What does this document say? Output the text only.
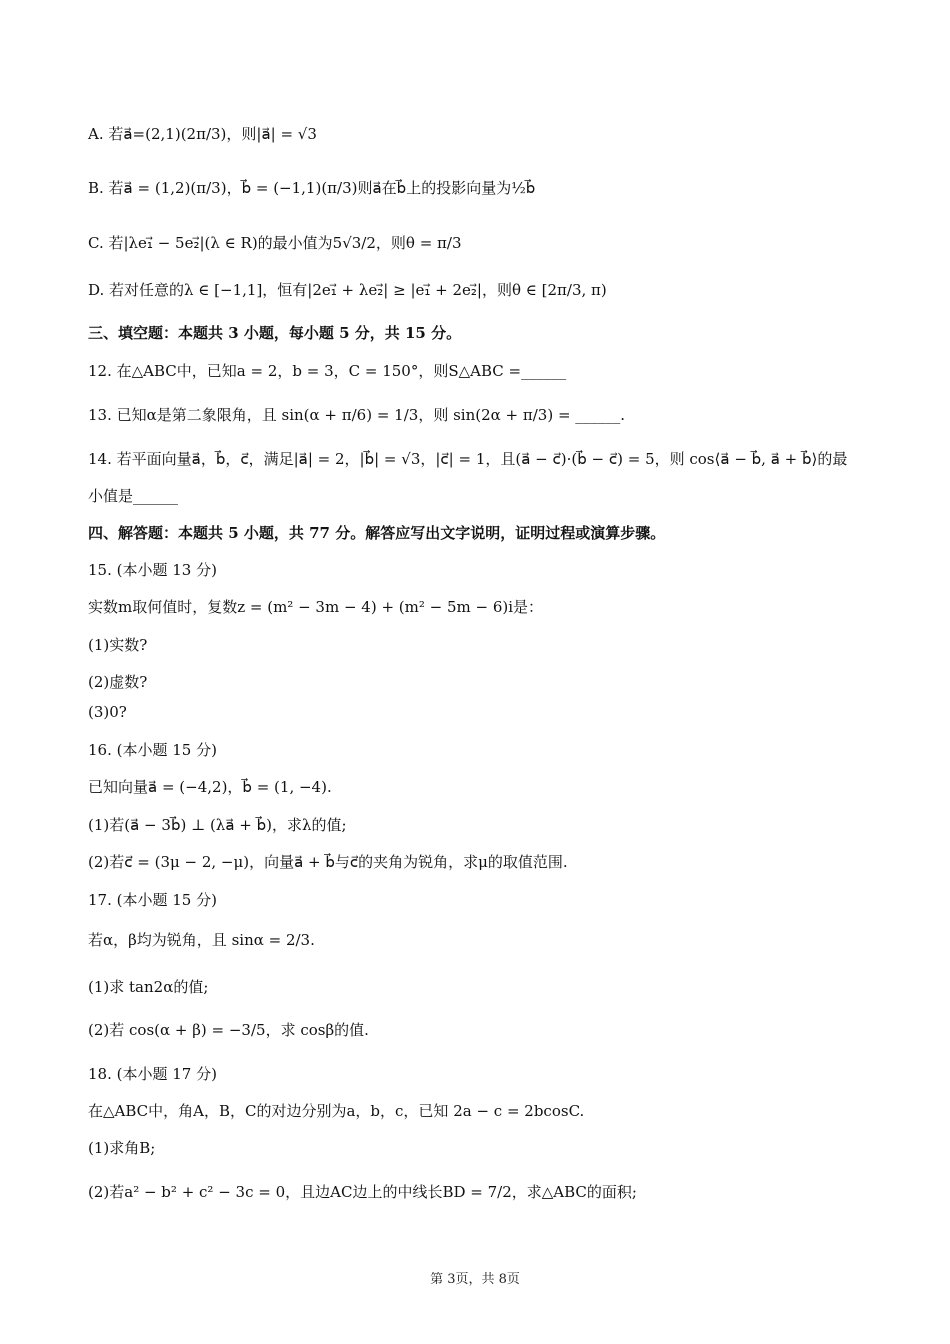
A. 若a⃗=(2,1)(2π/3)，则|a⃗| = √3
B. 若a⃗ = (1,2)(π/3)，b⃗ = (−1,1)(π/3)则a⃗在b⃗上的投影向量为½b⃗
C. 若|λe₁⃗ − 5e₂⃗|(λ ∈ R)的最小值为5√3/2，则θ = π/3
D. 若对任意的λ ∈ [−1,1]，恒有|2e₁⃗ + λe₂⃗| ≥ |e₁⃗ + 2e₂⃗|，则θ ∈ [2π/3, π)
三、填空题：本题共 3 小题，每小题 5 分，共 15 分。
12. 在△ABC中，已知a = 2，b = 3，C = 150°，则S△ABC =______
13. 已知α是第二象限角，且 sin(α + π/6) = 1/3，则 sin(2α + π/3) = ______.
14. 若平面向量a⃗，b⃗，c⃗，满足|a⃗| = 2，|b⃗| = √3，|c⃗| = 1，且(a⃗ − c⃗)·(b⃗ − c⃗) = 5，则 cos⟨a⃗ − b⃗, a⃗ + b⃗⟩的最
小值是______
四、解答题：本题共 5 小题，共 77 分。解答应写出文字说明，证明过程或演算步骤。
15. (本小题 13 分)
实数m取何值时，复数z = (m² − 3m − 4) + (m² − 5m − 6)i是：
(1)实数?
(2)虚数?
(3)0?
16. (本小题 15 分)
已知向量a⃗ = (−4,2)，b⃗ = (1, −4).
(1)若(a⃗ − 3b⃗) ⊥ (λa⃗ + b⃗)，求λ的值;
(2)若c⃗ = (3μ − 2, −μ)，向量a⃗ + b⃗与c⃗的夹角为锐角，求μ的取值范围.
17. (本小题 15 分)
若α，β均为锐角，且 sinα = 2/3.
(1)求 tan2α的值;
(2)若 cos(α + β) = −3/5，求 cosβ的值.
18. (本小题 17 分)
在△ABC中，角A，B，C的对边分别为a，b，c，已知 2a − c = 2bcosC.
(1)求角B;
(2)若a² − b² + c² − 3c = 0，且边AC边上的中线长BD = 7/2，求△ABC的面积;
第 3页，共 8页
